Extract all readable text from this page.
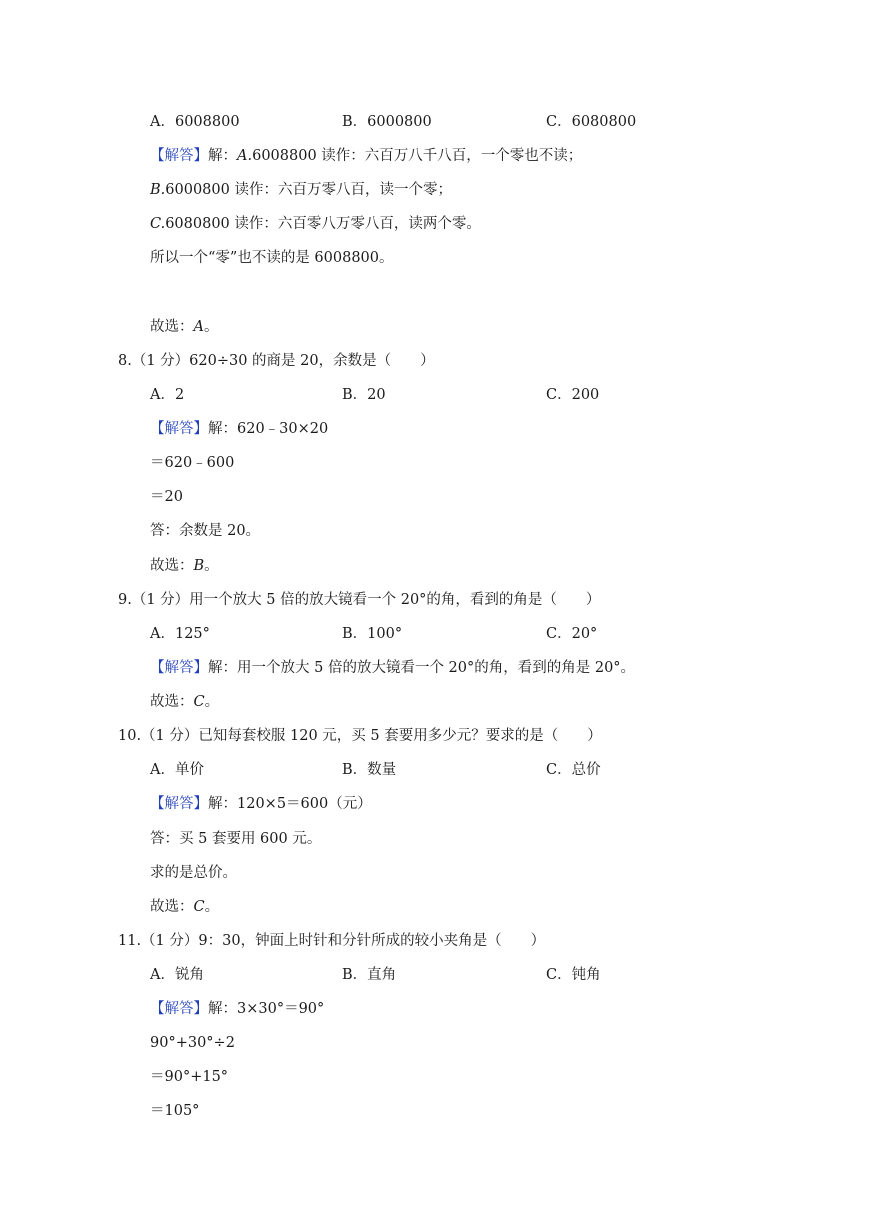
A．6008800	B．6000800	C．6080800
【解答】解：A.6008800 读作：六百万八千八百，一个零也不读；
B.6000800 读作：六百万零八百，读一个零；
C.6080800 读作：六百零八万零八百，读两个零。
所以一个“零”也不读的是 6008800。
故选：A。
8.（1 分）620÷30 的商是 20，余数是（　　）
A．2	B．20	C．200
【解答】解：620﹣30×20
＝620﹣600
＝20
答：余数是 20。
故选：B。
9.（1 分）用一个放大 5 倍的放大镜看一个 20°的角，看到的角是（　　）
A．125°	B．100°	C．20°
【解答】解：用一个放大 5 倍的放大镜看一个 20°的角，看到的角是 20°。
故选：C。
10.（1 分）已知每套校服 120 元，买 5 套要用多少元？要求的是（　　）
A．单价	B．数量	C．总价
【解答】解：120×5＝600（元）
答：买 5 套要用 600 元。
求的是总价。
故选：C。
11.（1 分）9：30，钟面上时针和分针所成的较小夹角是（　　）
A．锐角	B．直角	C．钝角
【解答】解：3×30°＝90°
90°+30°÷2
＝90°+15°
＝105°
